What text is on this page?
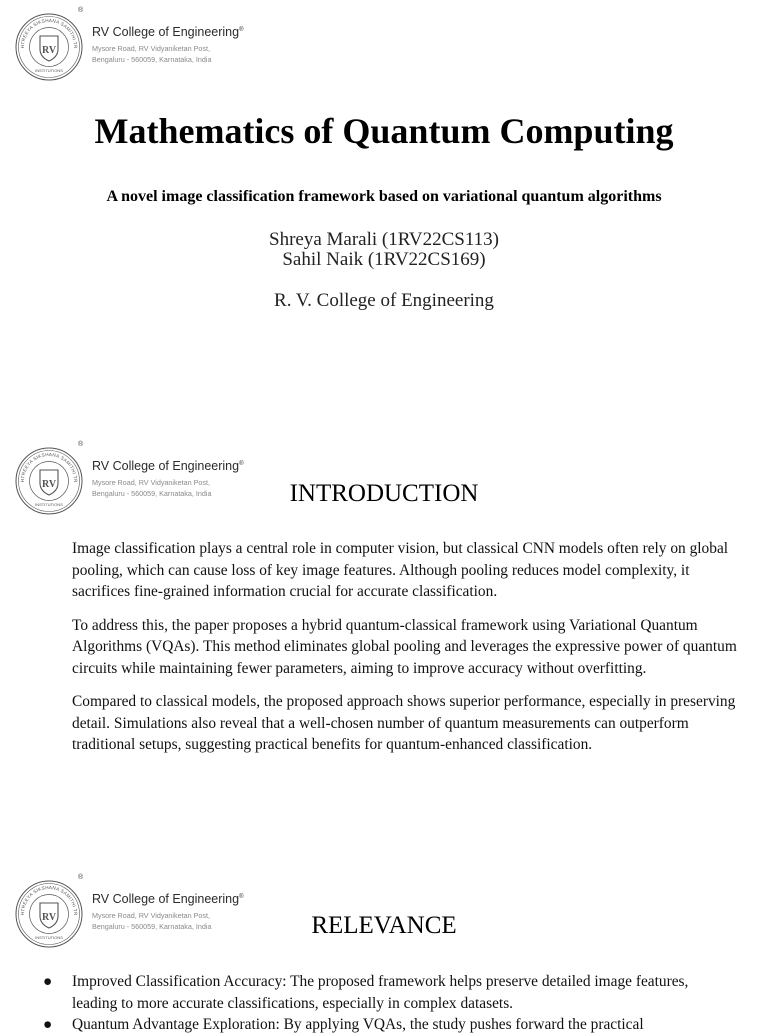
HTREEYA SIKSHANA SAMITHI TR
INSTITUTIONS
RV
®
RV College of Engineering®
Mysore Road, RV Vidyaniketan Post,
Bengaluru - 560059, Karnataka, India
Mathematics of Quantum Computing
A novel image classification framework based on variational quantum algorithms
Shreya Marali (1RV22CS113)
Sahil Naik (1RV22CS169)
R. V. College of Engineering
HTREEYA SIKSHANA SAMITHI TR
INSTITUTIONS
RV
®
RV College of Engineering®
Mysore Road, RV Vidyaniketan Post,
Bengaluru - 560059, Karnataka, India	INTRODUCTION

Image classification plays a central role in computer vision, but classical CNN models often rely on global pooling, which can cause loss of key image features. Although pooling reduces model complexity, it sacrifices fine-grained information crucial for accurate classification.

To address this, the paper proposes a hybrid quantum-classical framework using Variational Quantum Algorithms (VQAs). This method eliminates global pooling and leverages the expressive power of quantum circuits while maintaining fewer parameters, aiming to improve accuracy without overfitting.

Compared to classical models, the proposed approach shows superior performance, especially in preserving detail. Simulations also reveal that a well-chosen number of quantum measurements can outperform traditional setups, suggesting practical benefits for quantum-enhanced classification.

HTREEYA SIKSHANA SAMITHI TR
INSTITUTIONS
RV
®
RV College of Engineering®
Mysore Road, RV Vidyaniketan Post,
Bengaluru - 560059, Karnataka, India	RELEVANCE
● Improved Classification Accuracy: The proposed framework helps preserve detailed image features, leading to more accurate classifications, especially in complex datasets.
● Quantum Advantage Exploration: By applying VQAs, the study pushes forward the practical
